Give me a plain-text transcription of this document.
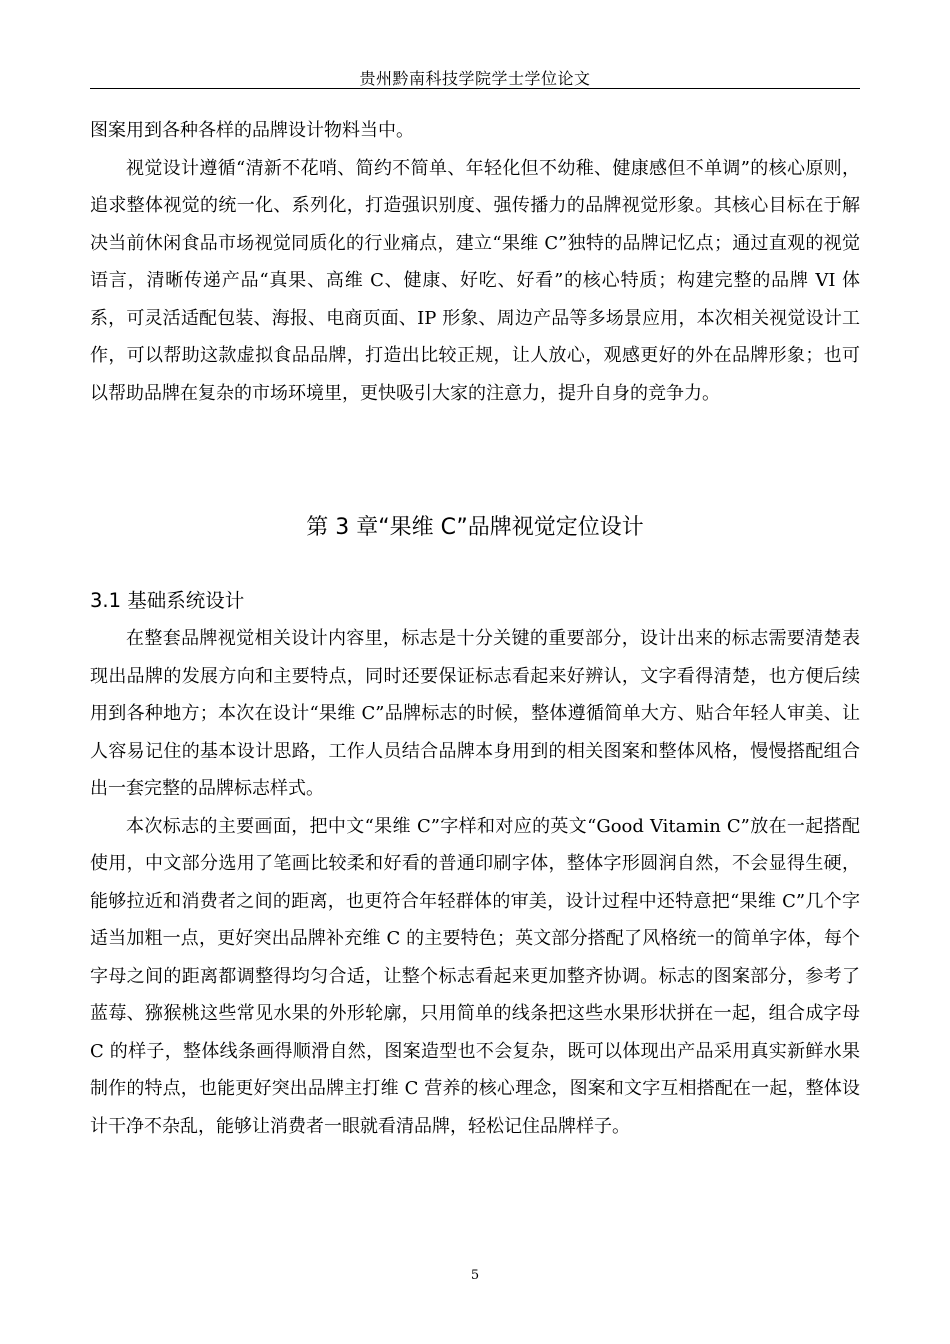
贵州黔南科技学院学士学位论文

图案用到各种各样的品牌设计物料当中。

视觉设计遵循“清新不花哨、简约不简单、年轻化但不幼稚、健康感但不单调”的核心原则，追求整体视觉的统一化、系列化，打造强识别度、强传播力的品牌视觉形象。其核心目标在于解决当前休闲食品市场视觉同质化的行业痛点，建立“果维 C”独特的品牌记忆点；通过直观的视觉语言，清晰传递产品“真果、高维 C、健康、好吃、好看”的核心特质；构建完整的品牌 VI 体系，可灵活适配包装、海报、电商页面、IP 形象、周边产品等多场景应用，本次相关视觉设计工作，可以帮助这款虚拟食品品牌，打造出比较正规，让人放心，观感更好的外在品牌形象；也可以帮助品牌在复杂的市场环境里，更快吸引大家的注意力，提升自身的竞争力。

第 3 章“果维 C”品牌视觉定位设计
3.1 基础系统设计

在整套品牌视觉相关设计内容里，标志是十分关键的重要部分，设计出来的标志需要清楚表现出品牌的发展方向和主要特点，同时还要保证标志看起来好辨认，文字看得清楚，也方便后续用到各种地方；本次在设计“果维 C”品牌标志的时候，整体遵循简单大方、贴合年轻人审美、让人容易记住的基本设计思路，工作人员结合品牌本身用到的相关图案和整体风格，慢慢搭配组合出一套完整的品牌标志样式。

本次标志的主要画面，把中文“果维 C”字样和对应的英文“Good Vitamin C”放在一起搭配使用，中文部分选用了笔画比较柔和好看的普通印刷字体，整体字形圆润自然，不会显得生硬，能够拉近和消费者之间的距离，也更符合年轻群体的审美，设计过程中还特意把“果维 C”几个字适当加粗一点，更好突出品牌补充维 C 的主要特色；英文部分搭配了风格统一的简单字体，每个字母之间的距离都调整得均匀合适，让整个标志看起来更加整齐协调。标志的图案部分，参考了蓝莓、猕猴桃这些常见水果的外形轮廓，只用简单的线条把这些水果形状拼在一起，组合成字母 C 的样子，整体线条画得顺滑自然，图案造型也不会复杂，既可以体现出产品采用真实新鲜水果制作的特点，也能更好突出品牌主打维 C 营养的核心理念，图案和文字互相搭配在一起，整体设计干净不杂乱，能够让消费者一眼就看清品牌，轻松记住品牌样子。

5
